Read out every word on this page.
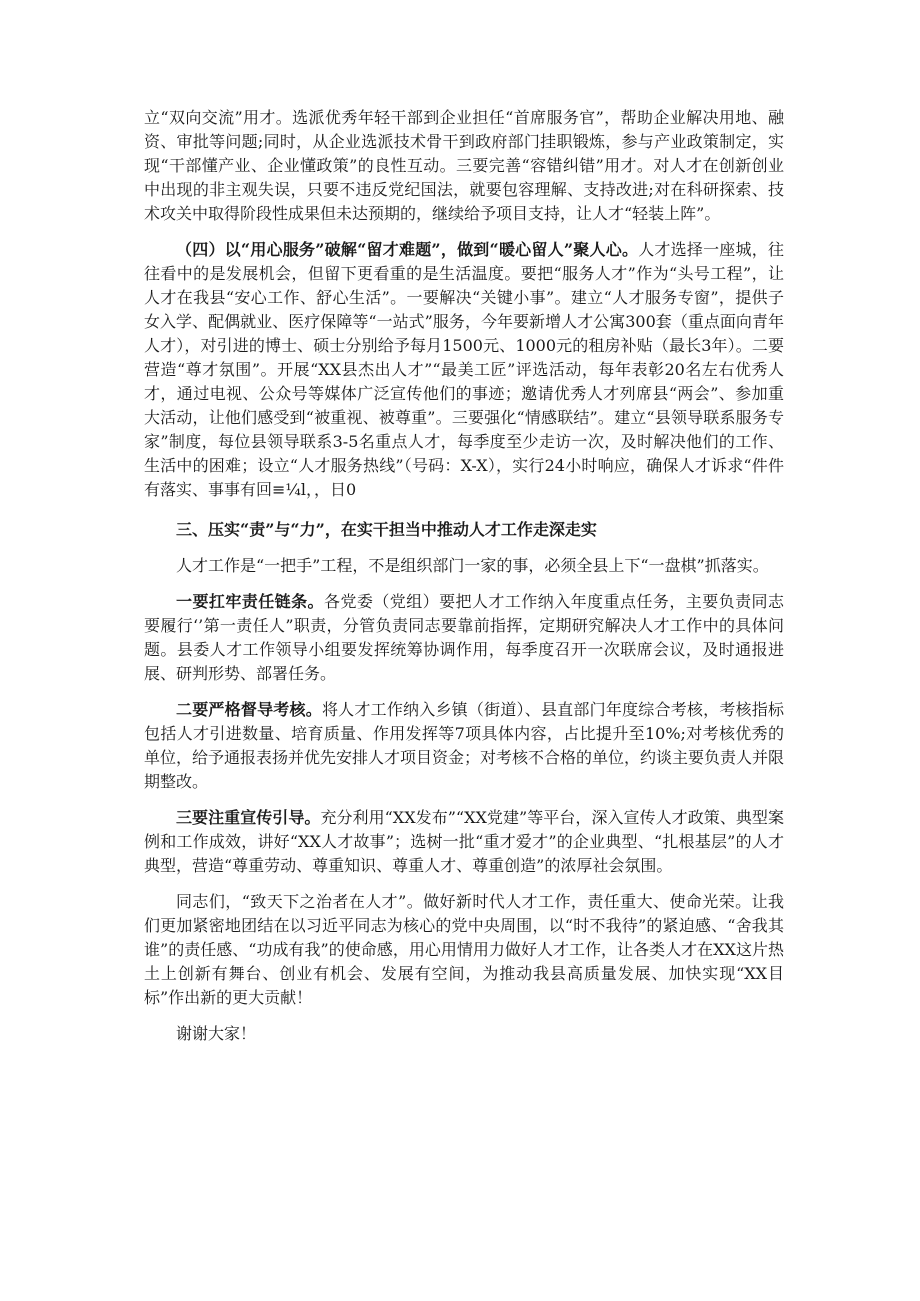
立“双向交流”用才。选派优秀年轻干部到企业担任“首席服务官”，帮助企业解决用地、融资、审批等问题;同时，从企业选派技术骨干到政府部门挂职锻炼，参与产业政策制定，实现“干部懂产业、企业懂政策”的良性互动。三要完善“容错纠错”用才。对人才在创新创业中出现的非主观失误，只要不违反党纪国法，就要包容理解、支持改进;对在科研探索、技术攻关中取得阶段性成果但未达预期的，继续给予项目支持，让人才“轻装上阵”。

（四）以“用心服务”破解“留才难题”，做到“暖心留人”聚人心。人才选择一座城，往往看中的是发展机会，但留下更看重的是生活温度。要把“服务人才”作为“头号工程”，让人才在我县“安心工作、舒心生活”。一要解决“关键小事”。建立“人才服务专窗”，提供子女入学、配偶就业、医疗保障等“一站式”服务，今年要新增人才公寓300套（重点面向青年人才），对引进的博士、硕士分别给予每月1500元、1000元的租房补贴（最长3年）。二要营造“尊才氛围”。开展“XX县杰出人才”“最美工匠”评选活动，每年表彰20名左右优秀人才，通过电视、公众号等媒体广泛宣传他们的事迹；邀请优秀人才列席县“两会”、参加重大活动，让他们感受到“被重视、被尊重”。三要强化“情感联结”。建立“县领导联系服务专家”制度，每位县领导联系3-5名重点人才，每季度至少走访一次，及时解决他们的工作、生活中的困难；设立“人才服务热线”（号码：X-X），实行24小时响应，确保人才诉求“件件有落实、事事有回≡¼l，，日0

三、压实“责”与“力”，在实干担当中推动人才工作走深走实

人才工作是“一把手”工程，不是组织部门一家的事，必须全县上下“一盘棋”抓落实。

一要扛牢责任链条。各党委（党组）要把人才工作纳入年度重点任务，主要负责同志要履行‘’第一责任人”职责，分管负责同志要靠前指挥，定期研究解决人才工作中的具体问题。县委人才工作领导小组要发挥统筹协调作用，每季度召开一次联席会议，及时通报进展、研判形势、部署任务。

二要严格督导考核。将人才工作纳入乡镇（街道）、县直部门年度综合考核，考核指标包括人才引进数量、培育质量、作用发挥等7项具体内容，占比提升至10%;对考核优秀的单位，给予通报表扬并优先安排人才项目资金；对考核不合格的单位，约谈主要负责人并限期整改。

三要注重宣传引导。充分利用“XX发布”“XX党建”等平台，深入宣传人才政策、典型案例和工作成效，讲好“XX人才故事”；选树一批“重才爱才”的企业典型、“扎根基层”的人才典型，营造“尊重劳动、尊重知识、尊重人才、尊重创造”的浓厚社会氛围。

同志们，“致天下之治者在人才”。做好新时代人才工作，责任重大、使命光荣。让我们更加紧密地团结在以习近平同志为核心的党中央周围，以“时不我待”的紧迫感、“舍我其谁”的责任感、“功成有我”的使命感，用心用情用力做好人才工作，让各类人才在XX这片热土上创新有舞台、创业有机会、发展有空间，为推动我县高质量发展、加快实现“XX目标”作出新的更大贡献！

谢谢大家！
